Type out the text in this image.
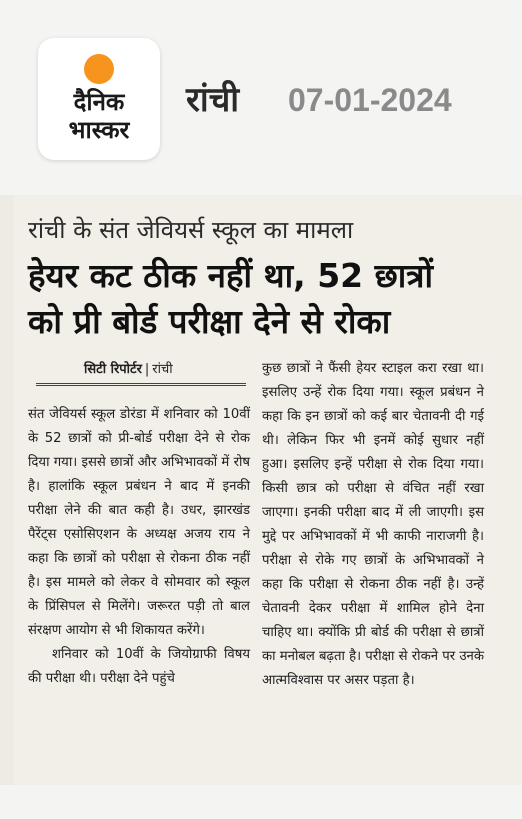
दैनिक
भास्कर
रांची 07-01-2024
रांची के संत जेवियर्स स्कूल का मामला
हेयर कट ठीक नहीं था, 52 छात्रों
को प्री बोर्ड परीक्षा देने से रोका
सिटी रिपोर्टर | रांची

संत जेवियर्स स्कूल डोरंडा में शनिवार को 10वीं के 52 छात्रों को प्री-बोर्ड परीक्षा देने से रोक दिया गया। इससे छात्रों और अभिभावकों में रोष है। हालांकि स्कूल प्रबंधन ने बाद में इनकी परीक्षा लेने की बात कही है। उधर, झारखंड पैरेंट्स एसोसिएशन के अध्यक्ष अजय राय ने कहा कि छात्रों को परीक्षा से रोकना ठीक नहीं है। इस मामले को लेकर वे सोमवार को स्कूल के प्रिंसिपल से मिलेंगे। जरूरत पड़ी तो बाल संरक्षण आयोग से भी शिकायत करेंगे।

शनिवार को 10वीं के जियोग्राफी विषय की परीक्षा थी। परीक्षा देने पहुंचे

कुछ छात्रों ने फैंसी हेयर स्टाइल करा रखा था। इसलिए उन्हें रोक दिया गया। स्कूल प्रबंधन ने कहा कि इन छात्रों को कई बार चेतावनी दी गई थी। लेकिन फिर भी इनमें कोई सुधार नहीं हुआ। इसलिए इन्हें परीक्षा से रोक दिया गया। किसी छात्र को परीक्षा से वंचित नहीं रखा जाएगा। इनकी परीक्षा बाद में ली जाएगी। इस मुद्दे पर अभिभावकों में भी काफी नाराजगी है। परीक्षा से रोके गए छात्रों के अभिभावकों ने कहा कि परीक्षा से रोकना ठीक नहीं है। उन्हें चेतावनी देकर परीक्षा में शामिल होने देना चाहिए था। क्योंकि प्री बोर्ड की परीक्षा से छात्रों का मनोबल बढ़ता है। परीक्षा से रोकने पर उनके आत्मविश्वास पर असर पड़ता है।
